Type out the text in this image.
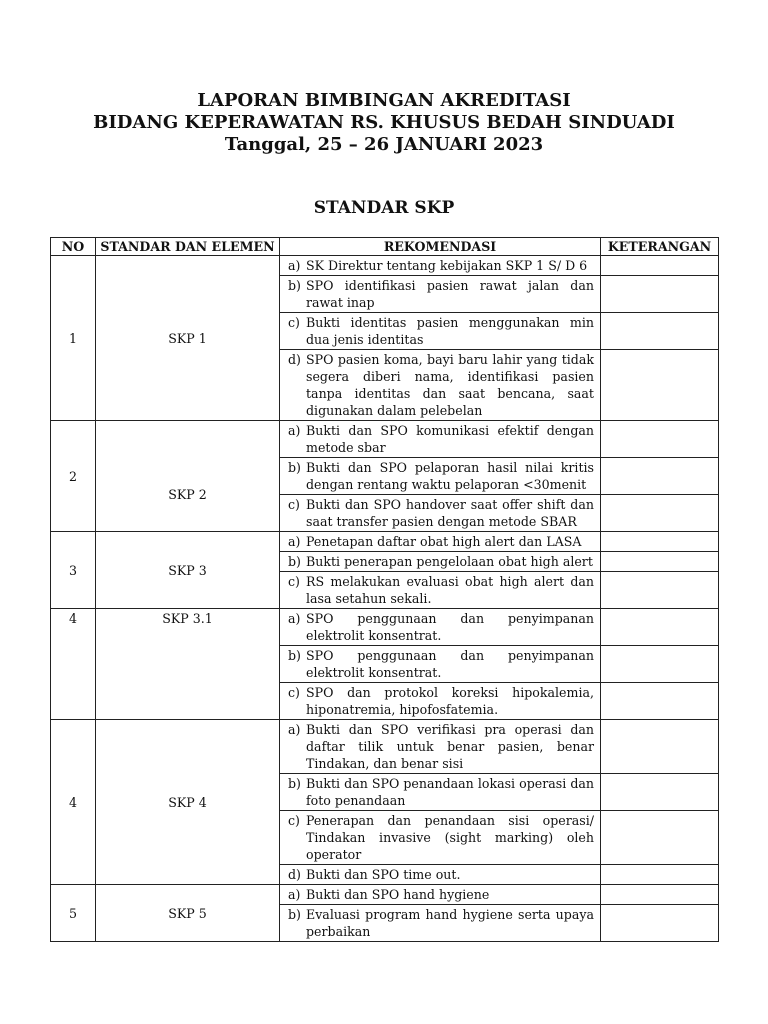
LAPORAN BIMBINGAN AKREDITASI
BIDANG KEPERAWATAN RS. KHUSUS BEDAH SINDUADI
Tanggal, 25 – 26 JANUARI 2023
STANDAR SKP
NO	STANDAR DAN ELEMEN	REKOMENDASI	KETERANGAN
1	SKP 1	a) SK Direktur tentang kebijakan SKP 1 S/ D 6	

		b) SPO identifikasi pasien rawat jalan dan rawat inap	

		c) Bukti identitas pasien menggunakan min dua jenis identitas	

		d) SPO pasien koma, bayi baru lahir yang tidak segera diberi nama, identifikasi pasien tanpa identitas dan saat bencana, saat digunakan dalam pelebelan	

2	SKP 2	a) Bukti dan SPO komunikasi efektif dengan metode sbar	

		b) Bukti dan SPO pelaporan hasil nilai kritis dengan rentang waktu pelaporan <30menit	

		c) Bukti dan SPO handover saat offer shift dan saat transfer pasien dengan metode SBAR	

3	SKP 3	a) Penetapan daftar obat high alert dan LASA	

		b) Bukti penerapan pengelolaan obat high alert	

		c) RS melakukan evaluasi obat high alert dan lasa setahun sekali.	

4	SKP 3.1	a) SPO penggunaan dan penyimpanan elektrolit konsentrat.	

		b) SPO penggunaan dan penyimpanan elektrolit konsentrat.	

		c) SPO dan protokol koreksi hipokalemia, hiponatremia, hipofosfatemia.	

4	SKP 4	a) Bukti dan SPO verifikasi pra operasi dan daftar tilik untuk benar pasien, benar Tindakan, dan benar sisi	

		b) Bukti dan SPO penandaan lokasi operasi dan foto penandaan	

		c) Penerapan dan penandaan sisi operasi/ Tindakan invasive (sight marking) oleh operator	

		d) Bukti dan SPO time out.	

5	SKP 5	a) Bukti dan SPO hand hygiene	

		b) Evaluasi program hand hygiene serta upaya perbaikan	
